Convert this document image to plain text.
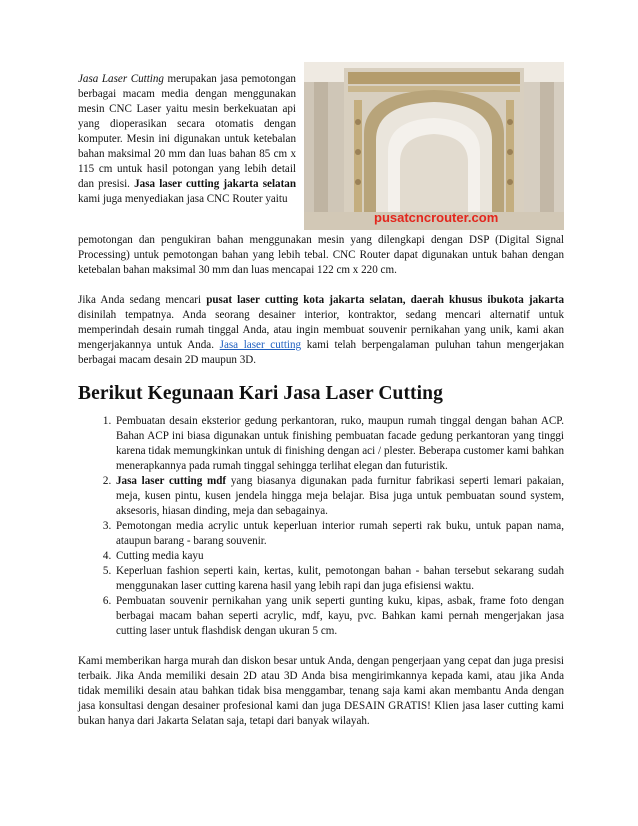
pusatcncrouter.com
Jasa Laser Cutting merupakan jasa pemotongan berbagai macam media dengan menggunakan mesin CNC Laser yaitu mesin berkekuatan api yang dioperasikan secara otomatis dengan komputer. Mesin ini digunakan untuk ketebalan bahan maksimal 20 mm dan luas bahan 85 cm x 115 cm untuk hasil potongan yang lebih detail dan presisi. Jasa laser cutting jakarta selatan kami juga menyediakan jasa CNC Router yaitu

pemotongan dan pengukiran bahan menggunakan mesin yang dilengkapi dengan DSP (Digital Signal Processing) untuk pemotongan bahan yang lebih tebal. CNC Router dapat digunakan untuk bahan dengan ketebalan bahan maksimal 30 mm dan luas mencapai 122 cm x 220 cm.

Jika Anda sedang mencari pusat laser cutting kota jakarta selatan, daerah khusus ibukota jakarta disinilah tempatnya. Anda seorang desainer interior, kontraktor, sedang mencari alternatif untuk memperindah desain rumah tinggal Anda, atau ingin membuat souvenir pernikahan yang unik, kami akan mengerjakannya untuk Anda. Jasa laser cutting kami telah berpengalaman puluhan tahun mengerjakan berbagai macam desain 2D maupun 3D.

Berikut Kegunaan Kari Jasa Laser Cutting
1. Pembuatan desain eksterior gedung perkantoran, ruko, maupun rumah tinggal dengan bahan ACP. Bahan ACP ini biasa digunakan untuk finishing pembuatan facade gedung perkantoran yang tinggi karena tidak memungkinkan untuk di finishing dengan aci / plester. Beberapa customer kami bahkan menerapkannya pada rumah tinggal sehingga terlihat elegan dan futuristik.
2. Jasa laser cutting mdf yang biasanya digunakan pada furnitur fabrikasi seperti lemari pakaian, meja, kusen pintu, kusen jendela hingga meja belajar. Bisa juga untuk pembuatan sound system, aksesoris, hiasan dinding, meja dan sebagainya.
3. Pemotongan media acrylic untuk keperluan interior rumah seperti rak buku, untuk papan nama, ataupun barang - barang souvenir.
4. Cutting media kayu
5. Keperluan fashion seperti kain, kertas, kulit, pemotongan bahan - bahan tersebut sekarang sudah menggunakan laser cutting karena hasil yang lebih rapi dan juga efisiensi waktu.
6. Pembuatan souvenir pernikahan yang unik seperti gunting kuku, kipas, asbak, frame foto dengan berbagai macam bahan seperti acrylic, mdf, kayu, pvc. Bahkan kami pernah mengerjakan jasa cutting laser untuk flashdisk dengan ukuran 5 cm.

Kami memberikan harga murah dan diskon besar untuk Anda, dengan pengerjaan yang cepat dan juga presisi terbaik. Jika Anda memiliki desain 2D atau 3D Anda bisa mengirimkannya kepada kami, atau jika Anda tidak memiliki desain atau bahkan tidak bisa menggambar, tenang saja kami akan membantu Anda dengan jasa konsultasi dengan desainer profesional kami dan juga DESAIN GRATIS! Klien jasa laser cutting kami bukan hanya dari Jakarta Selatan saja, tetapi dari banyak wilayah.
